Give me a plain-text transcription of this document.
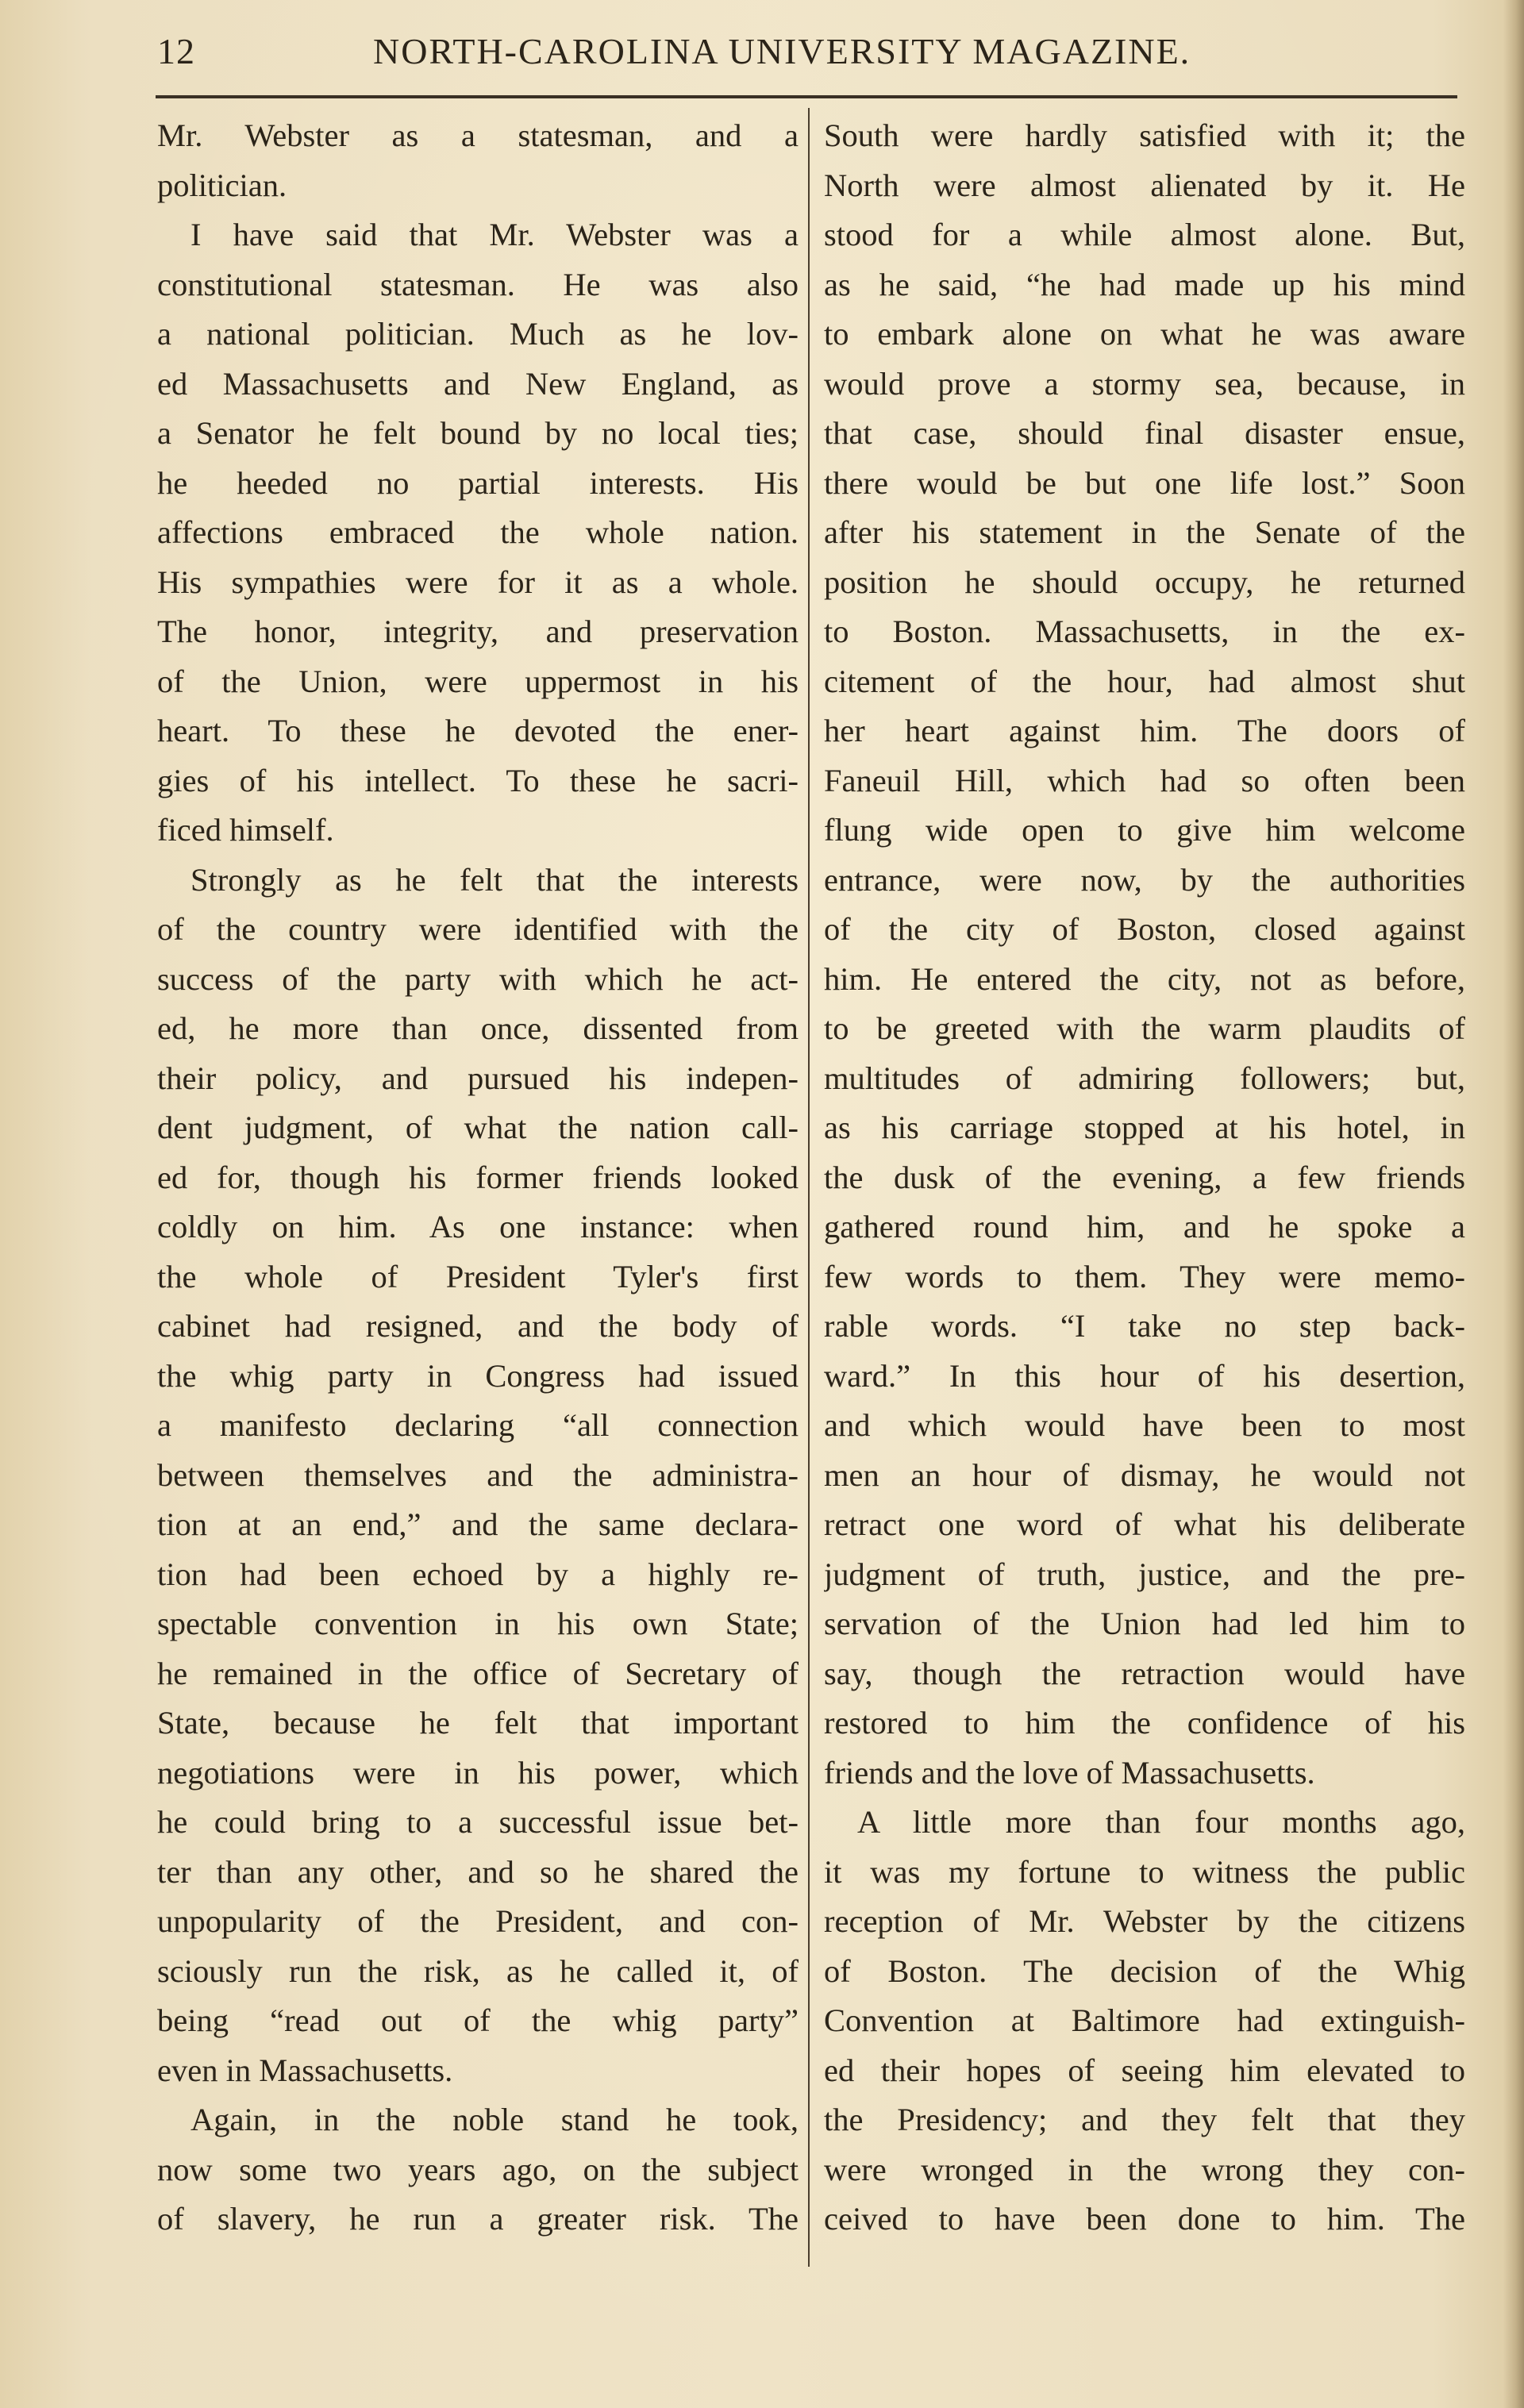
12	NORTH-CAROLINA UNIVERSITY MAGAZINE.
Mr. Webster as a statesman, and a
politician.
I have said that Mr. Webster was a
constitutional statesman. He was also
a national politician. Much as he lov-
ed Massachusetts and New England, as
a Senator he felt bound by no local ties;
he heeded no partial interests. His
affections embraced the whole nation.
His sympathies were for it as a whole.
The honor, integrity, and preservation
of the Union, were uppermost in his
heart. To these he devoted the ener-
gies of his intellect. To these he sacri-
ficed himself.
Strongly as he felt that the interests
of the country were identified with the
success of the party with which he act-
ed, he more than once, dissented from
their policy, and pursued his indepen-
dent judgment, of what the nation call-
ed for, though his former friends looked
coldly on him. As one instance: when
the whole of President Tyler's first
cabinet had resigned, and the body of
the whig party in Congress had issued
a manifesto declaring “all connection
between themselves and the administra-
tion at an end,” and the same declara-
tion had been echoed by a highly re-
spectable convention in his own State;
he remained in the office of Secretary of
State, because he felt that important
negotiations were in his power, which
he could bring to a successful issue bet-
ter than any other, and so he shared the
unpopularity of the President, and con-
sciously run the risk, as he called it, of
being “read out of the whig party”
even in Massachusetts.
Again, in the noble stand he took,
now some two years ago, on the subject
of slavery, he run a greater risk. The
South were hardly satisfied with it; the
North were almost alienated by it. He
stood for a while almost alone. But,
as he said, “he had made up his mind
to embark alone on what he was aware
would prove a stormy sea, because, in
that case, should final disaster ensue,
there would be but one life lost.” Soon
after his statement in the Senate of the
position he should occupy, he returned
to Boston. Massachusetts, in the ex-
citement of the hour, had almost shut
her heart against him. The doors of
Faneuil Hill, which had so often been
flung wide open to give him welcome
entrance, were now, by the authorities
of the city of Boston, closed against
him. He entered the city, not as before,
to be greeted with the warm plaudits of
multitudes of admiring followers; but,
as his carriage stopped at his hotel, in
the dusk of the evening, a few friends
gathered round him, and he spoke a
few words to them. They were memo-
rable words. “I take no step back-
ward.” In this hour of his desertion,
and which would have been to most
men an hour of dismay, he would not
retract one word of what his deliberate
judgment of truth, justice, and the pre-
servation of the Union had led him to
say, though the retraction would have
restored to him the confidence of his
friends and the love of Massachusetts.
A little more than four months ago,
it was my fortune to witness the public
reception of Mr. Webster by the citizens
of Boston. The decision of the Whig
Convention at Baltimore had extinguish-
ed their hopes of seeing him elevated to
the Presidency; and they felt that they
were wronged in the wrong they con-
ceived to have been done to him. The
